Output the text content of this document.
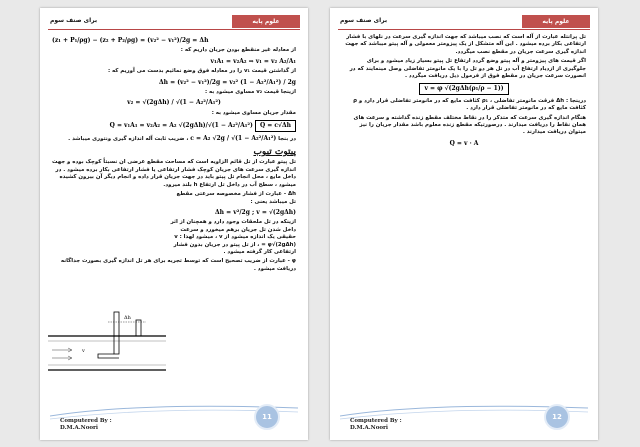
علوم پایه
برای صنف سوم
(z₁ + P₁/ρg) − (z₂ + P₂/ρg) = (v₂² − v₁²)/2g = Δh

از معادله غیر منقطع بودن جریان داریم که :

v₁A₁ = v₂A₂ ⇒ v₁ = v₂ A₂/A₁

از گذاشتن قیمت v₁ را در معادله فوق وضع نمائیم بدست می آوریم که :

Δh = (v₂² − v₁²)/2g = v₂² (1 − A₂²/A₁²) / 2g

ازینجا قیمت v₂ مساوی میشود به :

v₂ = √(2gΔh) / √(1 − A₂²/A₁²)

مقدار جریان مساوی میشود به :

Q = v₁A₁ = v₂A₂ = A₂ √(2gΔh)/√(1 − A₂²/A₁²) Q = c√Δh

در بنجا c = A₂ √2g / √(1 − A₂²/A₁²) ، ضریب ثابت آله اندازه گیری ونتوری میباشد .

پیتوت تیوب

تل پیتو عبارت از تل قائم الزاویه است که مساحت مقطع عرضی ان نسبتاً کوچک بوده و جهت اندازه گیری سرعت های جریان کوچک فشار ارتفاعی یا فشار ارتفاعی بکار برده میشود . در داخل مایع ، محل انجام تل پیتو باید در جهت جریان قرار داده و انجام دیگر آن بیرون کشیده میشود ، سطح آب در داخل تل ارتفاع h بلند میرود.

Δh - عبارت از فشار مخصوصه سرعتی مقطع تل میباشد یعنی :

Δh = v²/2g ; v = √(2gΔh)

ازینکه در تل ملحقات وجود دارد و همچنان از اثر داخل شدن تل جریان برهم میخورد و سرعت حقیقی یک اندازه میشود از v ، میشود لهذا : v = φ√(2gΔh) ، از تل پیتو در جریان بدون فشار ارتفاعی کار گرفته میشود .

φ - عبارت از ضریب تصحیح است که توسط تجربه برای هر تل اندازه گیری بصورت جداگانه دریافت میشود .

Δh
v
Computered By :
D.M.A.Noori
11
علوم پایه
برای صنف سوم

تل پرانتله عبارت از آله است که نصب میباشد که جهت اندازه گیری سرعت در نلهای با فشار ارتفاعی بکار برده میشود . این آله متشکل از یک پیزومتر معمولی و آله پیتو میباشد که جهت اندازه گیری سرعت جریان در مقطع نصب میگردد.

اگر قیمت های پیزومتر و آله پیتو وضع گردد ارتفاع تل پیتو بسیار زیاد میشود و برای جلوگیری از ازدیاد ارتفاع آب در تل هر دو تل را با یک مانومتر تفاضلی وصل مینمایند که در انصورت سرعت جریان در مقطع فوق از فرمول ذیل دریافت میگردد .

v = φ √(2gΔh(ρ₁/ρ − 1))

درینجا : Δh فرقت مانومتر تفاضلی ، ρ₁ کثافت مایع که در مانومتر تفاضلی قرار دارد و ρ کثافت مایع که در مانومتر تفاضلی قرار دارد .

هنگام اندازه گیری سرعت که متذکر را در نقاط مختلف مقطع زنده گذاشته و سرعت های همان نقاط را دریافت میدارند . درصورتیکه مقطع زنده معلوم باشد مقدار جریان را نیز میتوان دریافت میدارند .

Q = v · A
Computered By :
D.M.A.Noori
12
